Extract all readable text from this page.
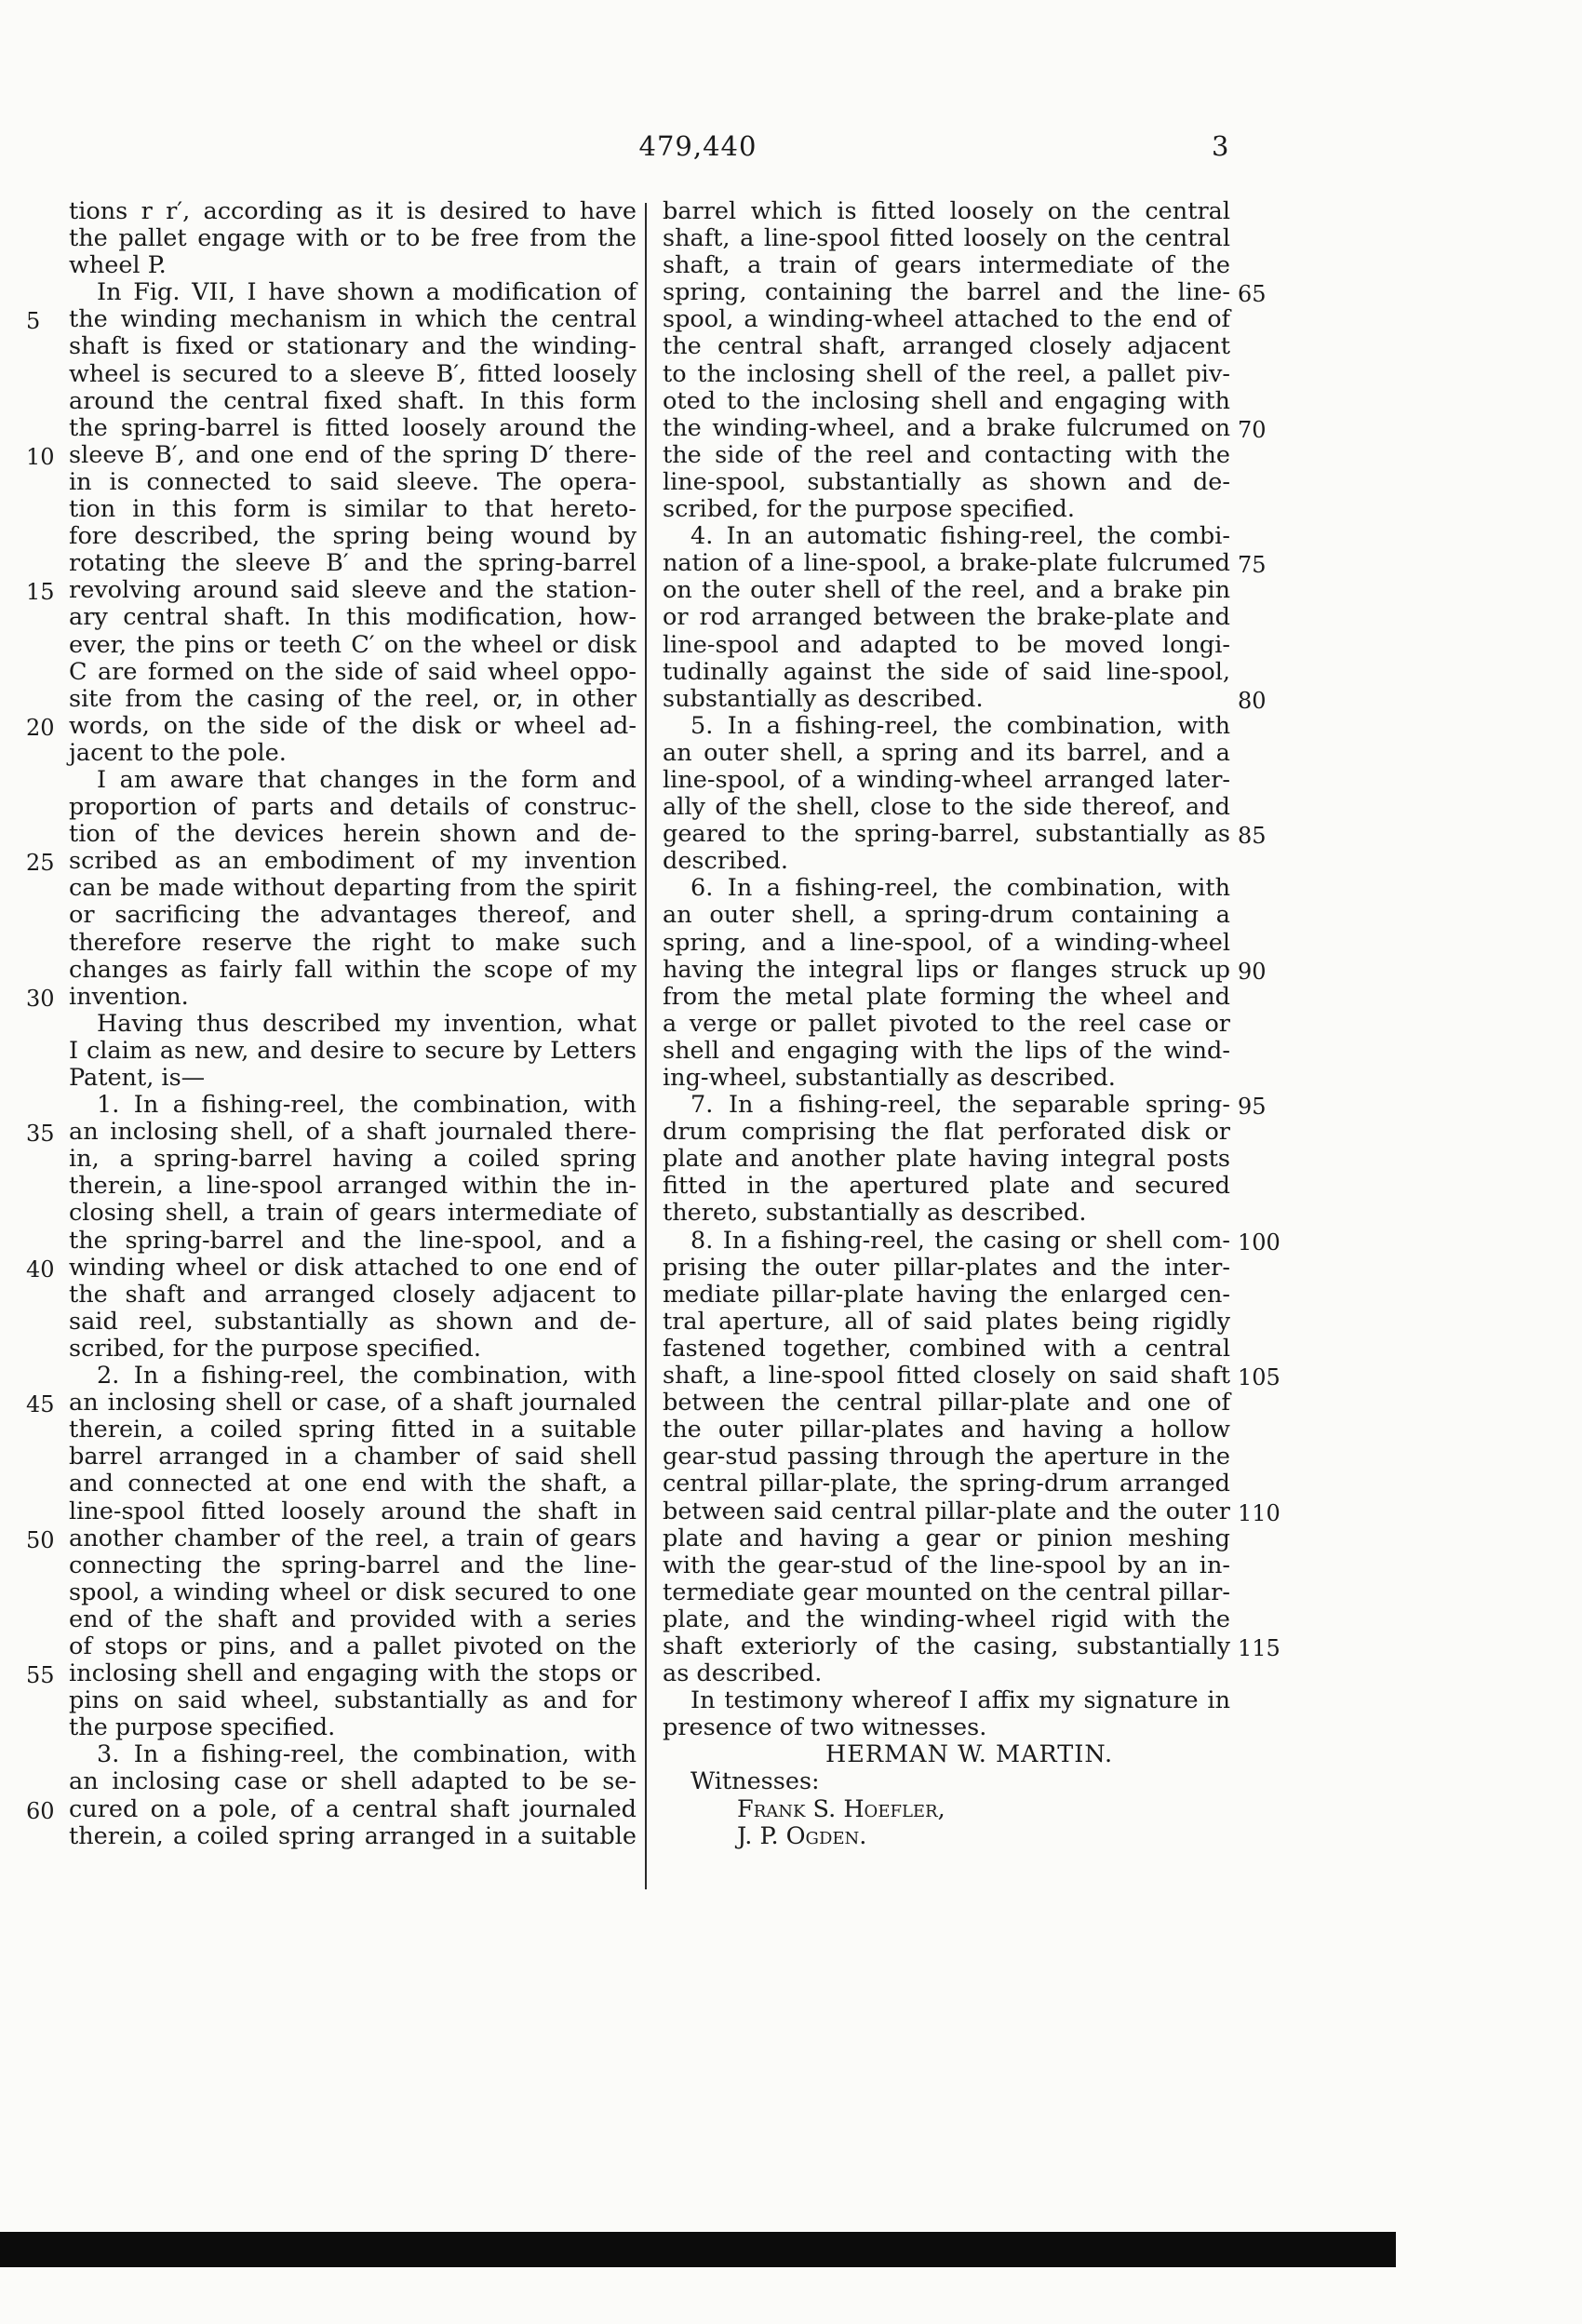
479,440	3
tions r r′, according as it is desired to have
the pallet engage with or to be free from the
wheel P.
In Fig. VII, I have shown a modification of
the winding mechanism in which the central
shaft is fixed or stationary and the winding-
wheel is secured to a sleeve B′, fitted loosely
around the central fixed shaft. In this form
the spring-barrel is fitted loosely around the
sleeve B′, and one end of the spring D′ there-
in is connected to said sleeve. The opera-
tion in this form is similar to that hereto-
fore described, the spring being wound by
rotating the sleeve B′ and the spring-barrel
revolving around said sleeve and the station-
ary central shaft. In this modification, how-
ever, the pins or teeth C′ on the wheel or disk
C are formed on the side of said wheel oppo-
site from the casing of the reel, or, in other
words, on the side of the disk or wheel ad-
jacent to the pole.
I am aware that changes in the form and
proportion of parts and details of construc-
tion of the devices herein shown and de-
scribed as an embodiment of my invention
can be made without departing from the spirit
or sacrificing the advantages thereof, and
therefore reserve the right to make such
changes as fairly fall within the scope of my
invention.
Having thus described my invention, what
I claim as new, and desire to secure by Letters
Patent, is—
1. In a fishing-reel, the combination, with
an inclosing shell, of a shaft journaled there-
in, a spring-barrel having a coiled spring
therein, a line-spool arranged within the in-
closing shell, a train of gears intermediate of
the spring-barrel and the line-spool, and a
winding wheel or disk attached to one end of
the shaft and arranged closely adjacent to
said reel, substantially as shown and de-
scribed, for the purpose specified.
2. In a fishing-reel, the combination, with
an inclosing shell or case, of a shaft journaled
therein, a coiled spring fitted in a suitable
barrel arranged in a chamber of said shell
and connected at one end with the shaft, a
line-spool fitted loosely around the shaft in
another chamber of the reel, a train of gears
connecting the spring-barrel and the line-
spool, a winding wheel or disk secured to one
end of the shaft and provided with a series
of stops or pins, and a pallet pivoted on the
inclosing shell and engaging with the stops or
pins on said wheel, substantially as and for
the purpose specified.
3. In a fishing-reel, the combination, with
an inclosing case or shell adapted to be se-
cured on a pole, of a central shaft journaled
therein, a coiled spring arranged in a suitable
barrel which is fitted loosely on the central
shaft, a line-spool fitted loosely on the central
shaft, a train of gears intermediate of the
spring, containing the barrel and the line-
spool, a winding-wheel attached to the end of
the central shaft, arranged closely adjacent
to the inclosing shell of the reel, a pallet piv-
oted to the inclosing shell and engaging with
the winding-wheel, and a brake fulcrumed on
the side of the reel and contacting with the
line-spool, substantially as shown and de-
scribed, for the purpose specified.
4. In an automatic fishing-reel, the combi-
nation of a line-spool, a brake-plate fulcrumed
on the outer shell of the reel, and a brake pin
or rod arranged between the brake-plate and
line-spool and adapted to be moved longi-
tudinally against the side of said line-spool,
substantially as described.
5. In a fishing-reel, the combination, with
an outer shell, a spring and its barrel, and a
line-spool, of a winding-wheel arranged later-
ally of the shell, close to the side thereof, and
geared to the spring-barrel, substantially as
described.
6. In a fishing-reel, the combination, with
an outer shell, a spring-drum containing a
spring, and a line-spool, of a winding-wheel
having the integral lips or flanges struck up
from the metal plate forming the wheel and
a verge or pallet pivoted to the reel case or
shell and engaging with the lips of the wind-
ing-wheel, substantially as described.
7. In a fishing-reel, the separable spring-
drum comprising the flat perforated disk or
plate and another plate having integral posts
fitted in the apertured plate and secured
thereto, substantially as described.
8. In a fishing-reel, the casing or shell com-
prising the outer pillar-plates and the inter-
mediate pillar-plate having the enlarged cen-
tral aperture, all of said plates being rigidly
fastened together, combined with a central
shaft, a line-spool fitted closely on said shaft
between the central pillar-plate and one of
the outer pillar-plates and having a hollow
gear-stud passing through the aperture in the
central pillar-plate, the spring-drum arranged
between said central pillar-plate and the outer
plate and having a gear or pinion meshing
with the gear-stud of the line-spool by an in-
termediate gear mounted on the central pillar-
plate, and the winding-wheel rigid with the
shaft exteriorly of the casing, substantially
as described.
In testimony whereof I affix my signature in
presence of two witnesses.
HERMAN W. MARTIN.
Witnesses:
Frank S. Hoefler,
J. P. Ogden.
5
10
15
20
25
30
35
40
45
50
55
60
65
70
75
80
85
90
95
100
105
110
115
